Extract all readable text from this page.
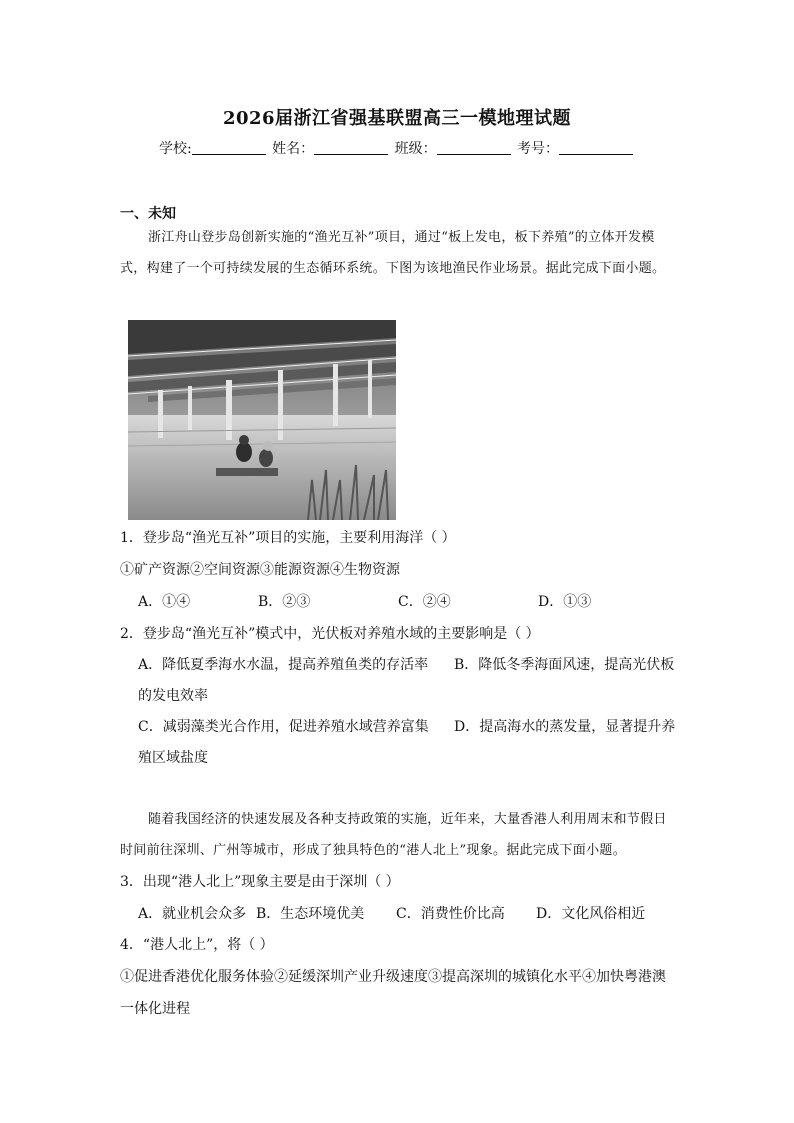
2026届浙江省强基联盟高三一模地理试题
学校:	姓名：	班级：	考号：
一、未知
浙江舟山登步岛创新实施的“渔光互补”项目，通过“板上发电，板下养殖”的立体开发模式，构建了一个可持续发展的生态循环系统。下图为该地渔民作业场景。据此完成下面小题。
1．登步岛“渔光互补”项目的实施，主要利用海洋（ ）
①矿产资源②空间资源③能源资源④生物资源
A．①④	B．②③	C．②④	D．①③
2．登步岛“渔光互补”模式中，光伏板对养殖水域的主要影响是（ ）
A．降低夏季海水水温，提高养殖鱼类的存活率 B．降低冬季海面风速，提高光伏板
的发电效率
C．减弱藻类光合作用，促进养殖水域营养富集 D．提高海水的蒸发量，显著提升养
殖区域盐度
随着我国经济的快速发展及各种支持政策的实施，近年来，大量香港人利用周末和节假日时间前往深圳、广州等城市，形成了独具特色的“港人北上”现象。据此完成下面小题。
3．出现“港人北上”现象主要是由于深圳（ ）
A．就业机会众多 B．生态环境优美 C．消费性价比高 D．文化风俗相近
4．“港人北上”，将（ ）
①促进香港优化服务体验②延缓深圳产业升级速度③提高深圳的城镇化水平④加快粤港澳
一体化进程
